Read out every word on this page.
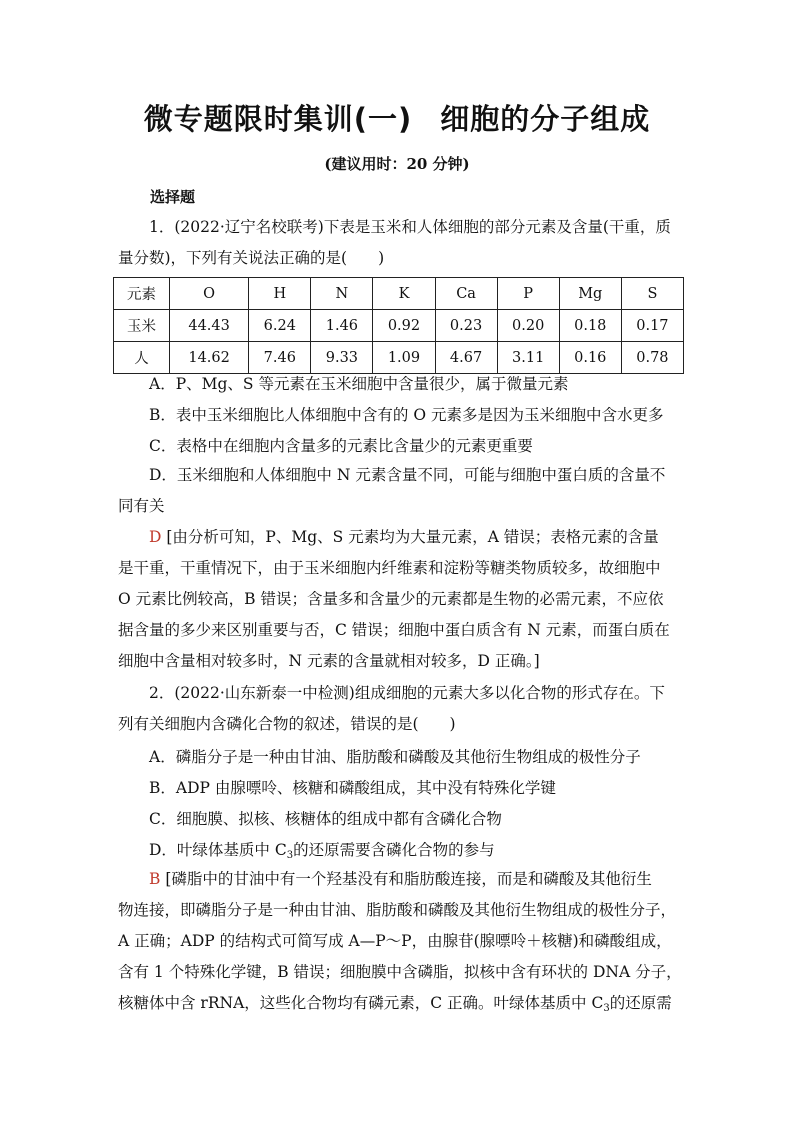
微专题限时集训(一) 细胞的分子组成
(建议用时：20 分钟)
选择题
1．(2022·辽宁名校联考)下表是玉米和人体细胞的部分元素及含量(干重，质
量分数)，下列有关说法正确的是(　　)
元素	O	H	N	K	Ca	P	Mg	S
玉米	44.43	6.24	1.46	0.92	0.23	0.20	0.18	0.17
人	14.62	7.46	9.33	1.09	4.67	3.11	0.16	0.78
A．P、Mg、S 等元素在玉米细胞中含量很少，属于微量元素
B．表中玉米细胞比人体细胞中含有的 O 元素多是因为玉米细胞中含水更多
C．表格中在细胞内含量多的元素比含量少的元素更重要
D．玉米细胞和人体细胞中 N 元素含量不同，可能与细胞中蛋白质的含量不
同有关
D [由分析可知，P、Mg、S 元素均为大量元素，A 错误；表格元素的含量
是干重，干重情况下，由于玉米细胞内纤维素和淀粉等糖类物质较多，故细胞中
O 元素比例较高，B 错误；含量多和含量少的元素都是生物的必需元素，不应依
据含量的多少来区别重要与否，C 错误；细胞中蛋白质含有 N 元素，而蛋白质在
细胞中含量相对较多时，N 元素的含量就相对较多，D 正确。]
2．(2022·山东新泰一中检测)组成细胞的元素大多以化合物的形式存在。下
列有关细胞内含磷化合物的叙述，错误的是(　　)
A．磷脂分子是一种由甘油、脂肪酸和磷酸及其他衍生物组成的极性分子
B．ADP 由腺嘌呤、核糖和磷酸组成，其中没有特殊化学键
C．细胞膜、拟核、核糖体的组成中都有含磷化合物
D．叶绿体基质中 $C_3$的还原需要含磷化合物的参与
B [磷脂中的甘油中有一个羟基没有和脂肪酸连接，而是和磷酸及其他衍生
物连接，即磷脂分子是一种由甘油、脂肪酸和磷酸及其他衍生物组成的极性分子，
A 正确；ADP 的结构式可简写成 A—P～P，由腺苷(腺嘌呤＋核糖)和磷酸组成，
含有 1 个特殊化学键，B 错误；细胞膜中含磷脂，拟核中含有环状的 DNA 分子，
核糖体中含 rRNA，这些化合物均有磷元素，C 正确。叶绿体基质中 $C_3$的还原需
